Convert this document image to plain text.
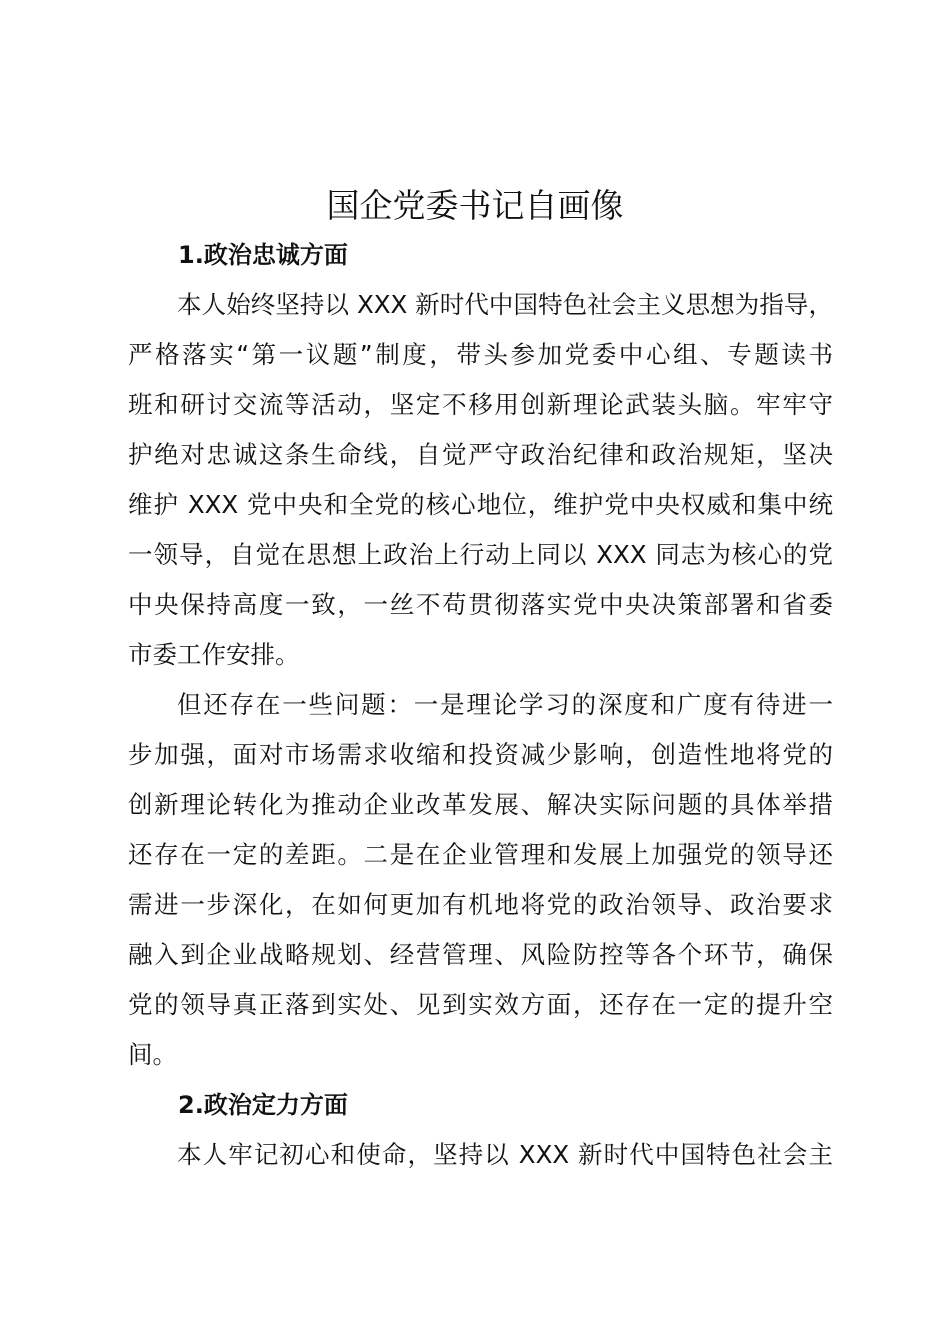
国企党委书记自画像
1.政治忠诚方面

本人始终坚持以 XXX 新时代中国特色社会主义思想为指导，

严格落实“第一议题”制度，带头参加党委中心组、专题读书

班和研讨交流等活动，坚定不移用创新理论武装头脑。牢牢守

护绝对忠诚这条生命线，自觉严守政治纪律和政治规矩，坚决

维护 XXX 党中央和全党的核心地位，维护党中央权威和集中统

一领导，自觉在思想上政治上行动上同以 XXX 同志为核心的党

中央保持高度一致，一丝不苟贯彻落实党中央决策部署和省委

市委工作安排。

但还存在一些问题：一是理论学习的深度和广度有待进一

步加强，面对市场需求收缩和投资减少影响，创造性地将党的

创新理论转化为推动企业改革发展、解决实际问题的具体举措

还存在一定的差距。二是在企业管理和发展上加强党的领导还

需进一步深化，在如何更加有机地将党的政治领导、政治要求

融入到企业战略规划、经营管理、风险防控等各个环节，确保

党的领导真正落到实处、见到实效方面，还存在一定的提升空

间。

2.政治定力方面

本人牢记初心和使命，坚持以 XXX 新时代中国特色社会主
